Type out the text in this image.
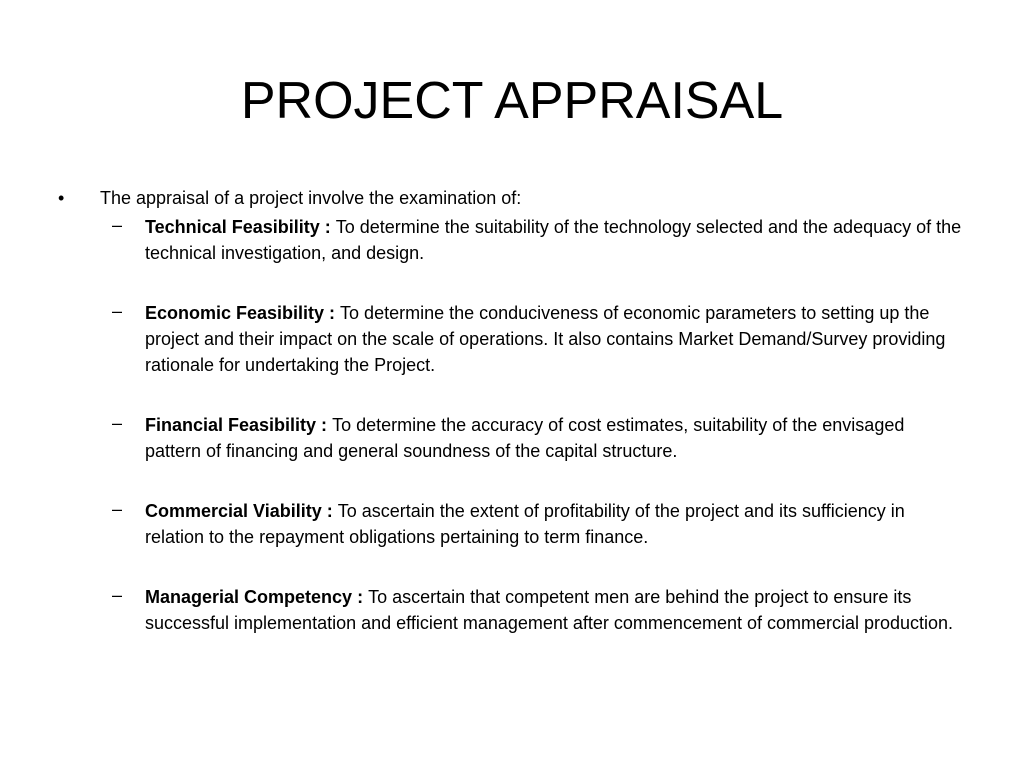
PROJECT APPRAISAL
•	The appraisal of a project involve the examination of:
– Technical Feasibility : To determine the suitability of the technology selected and the adequacy of the technical investigation, and design.
– Economic Feasibility : To determine the conduciveness of economic parameters to setting up the project and their impact on the scale of operations. It also contains Market Demand/Survey providing rationale for undertaking the Project.
– Financial Feasibility : To determine the accuracy of cost estimates, suitability of the envisaged pattern of financing and general soundness of the capital structure.
– Commercial Viability : To ascertain the extent of profitability of the project and its sufficiency in relation to the repayment obligations pertaining to term finance.
– Managerial Competency : To ascertain that competent men are behind the project to ensure its successful implementation and efficient management after commencement of commercial production.
